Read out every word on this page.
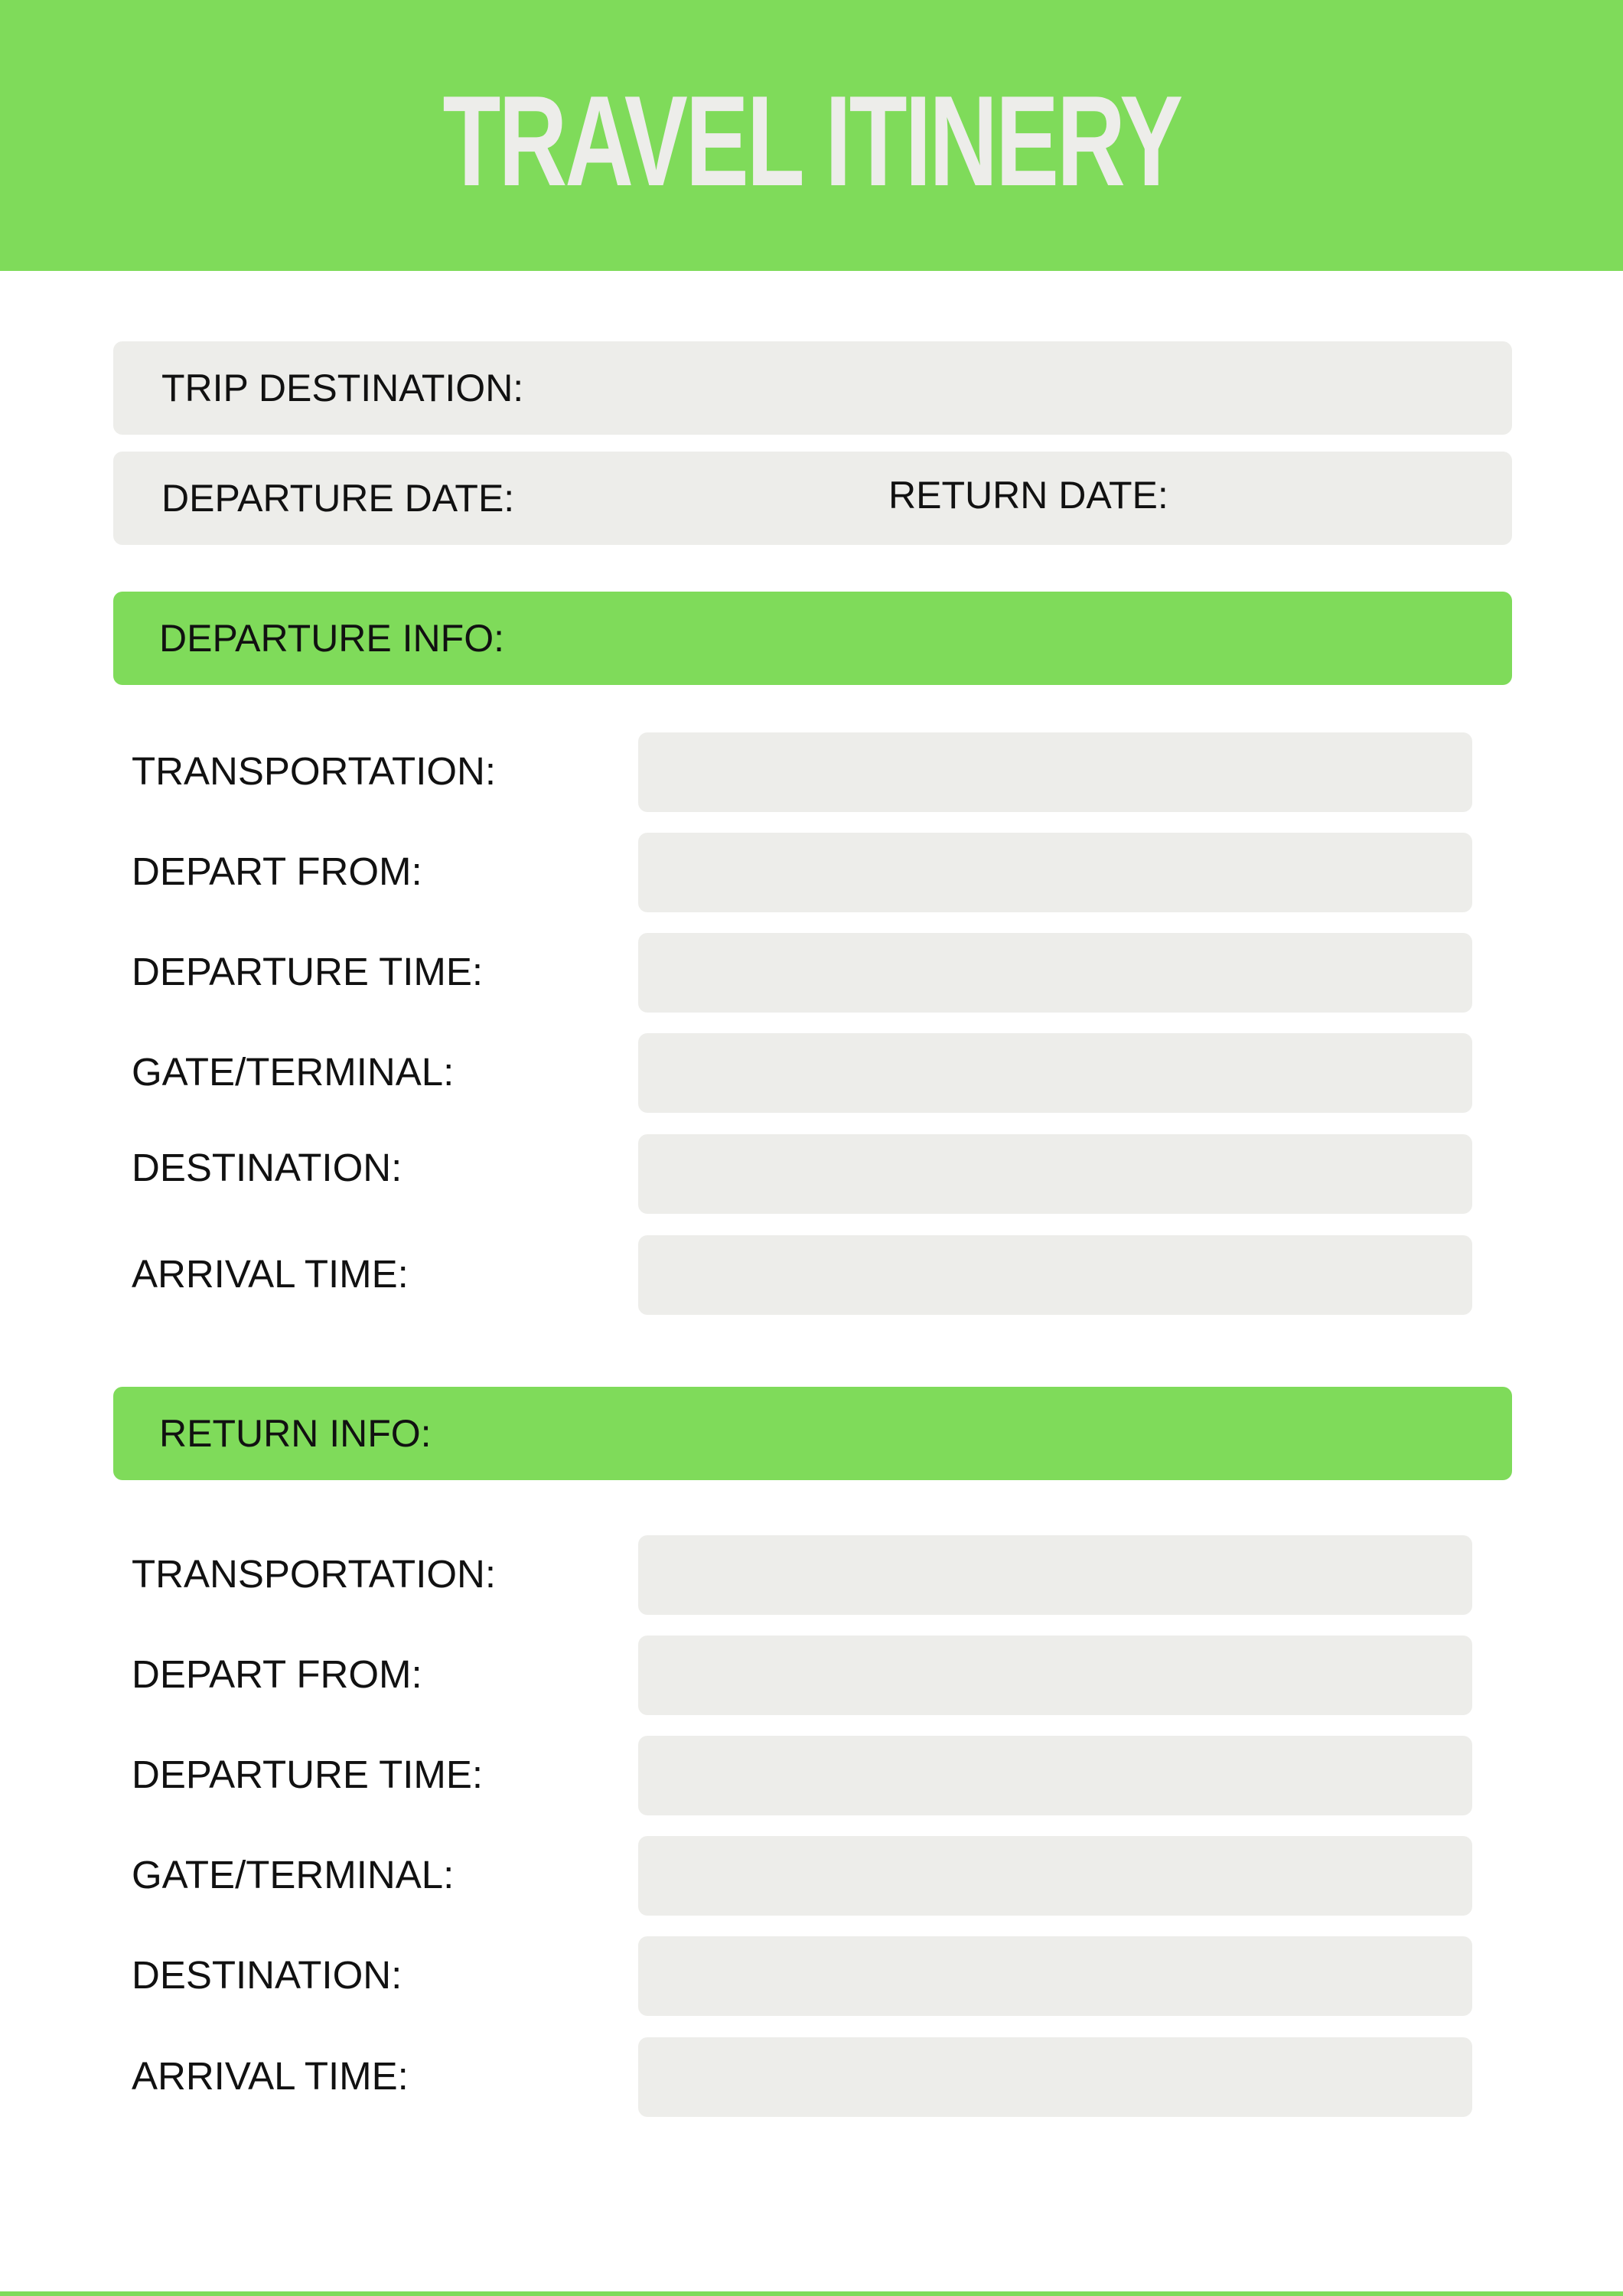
TRAVEL ITINERY
TRIP DESTINATION:
DEPARTURE DATE:	RETURN DATE:
DEPARTURE INFO:
TRANSPORTATION:
DEPART FROM:
DEPARTURE TIME:
GATE/TERMINAL:
DESTINATION:
ARRIVAL TIME:
RETURN INFO:
TRANSPORTATION:
DEPART FROM:
DEPARTURE TIME:
GATE/TERMINAL:
DESTINATION:
ARRIVAL TIME:
